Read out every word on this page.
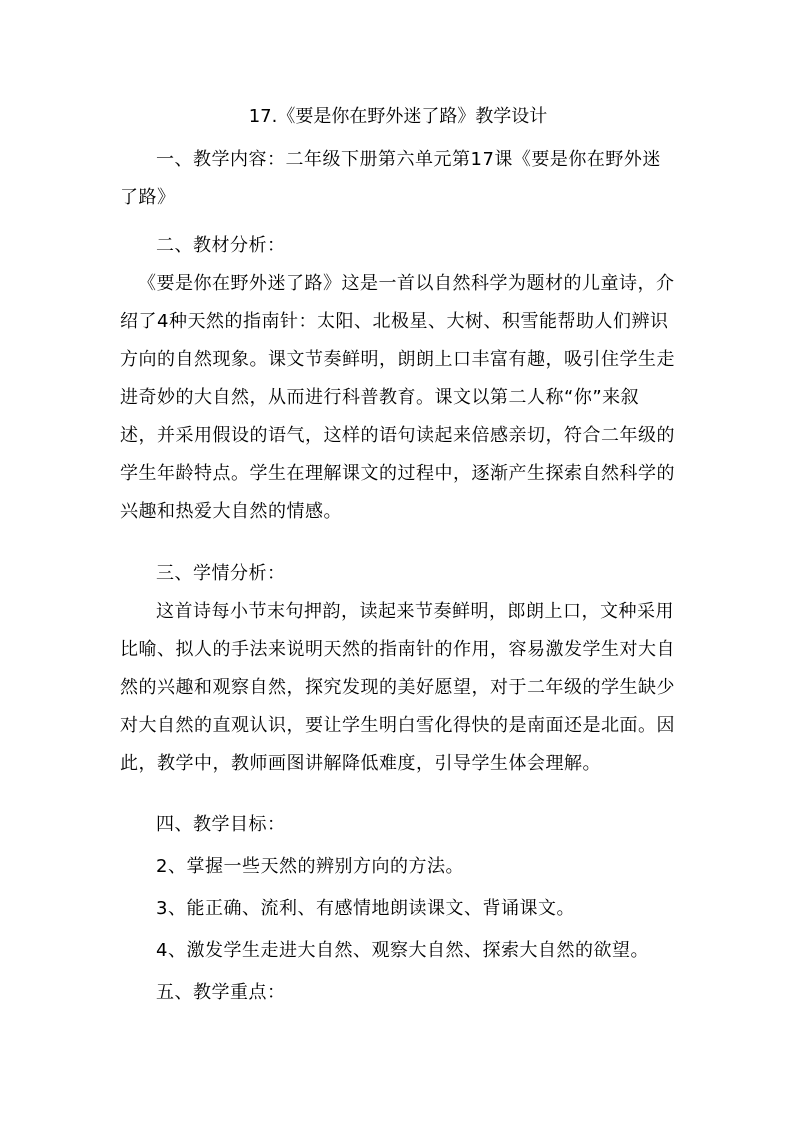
17.《要是你在野外迷了路》教学设计
一、教学内容：二年级下册第六单元第17课《要是你在野外迷了路》
二、教材分析：
《要是你在野外迷了路》这是一首以自然科学为题材的儿童诗，介绍了4种天然的指南针：太阳、北极星、大树、积雪能帮助人们辨识方向的自然现象。课文节奏鲜明，朗朗上口丰富有趣，吸引住学生走进奇妙的大自然，从而进行科普教育。课文以第二人称“你”来叙述，并采用假设的语气，这样的语句读起来倍感亲切，符合二年级的学生年龄特点。学生在理解课文的过程中，逐渐产生探索自然科学的兴趣和热爱大自然的情感。
三、学情分析：
这首诗每小节末句押韵，读起来节奏鲜明，郎朗上口，文种采用比喻、拟人的手法来说明天然的指南针的作用，容易激发学生对大自然的兴趣和观察自然，探究发现的美好愿望，对于二年级的学生缺少对大自然的直观认识，要让学生明白雪化得快的是南面还是北面。因此，教学中，教师画图讲解降低难度，引导学生体会理解。
四、教学目标：
2、掌握一些天然的辨别方向的方法。
3、能正确、流利、有感情地朗读课文、背诵课文。
4、激发学生走进大自然、观察大自然、探索大自然的欲望。
五、教学重点：
